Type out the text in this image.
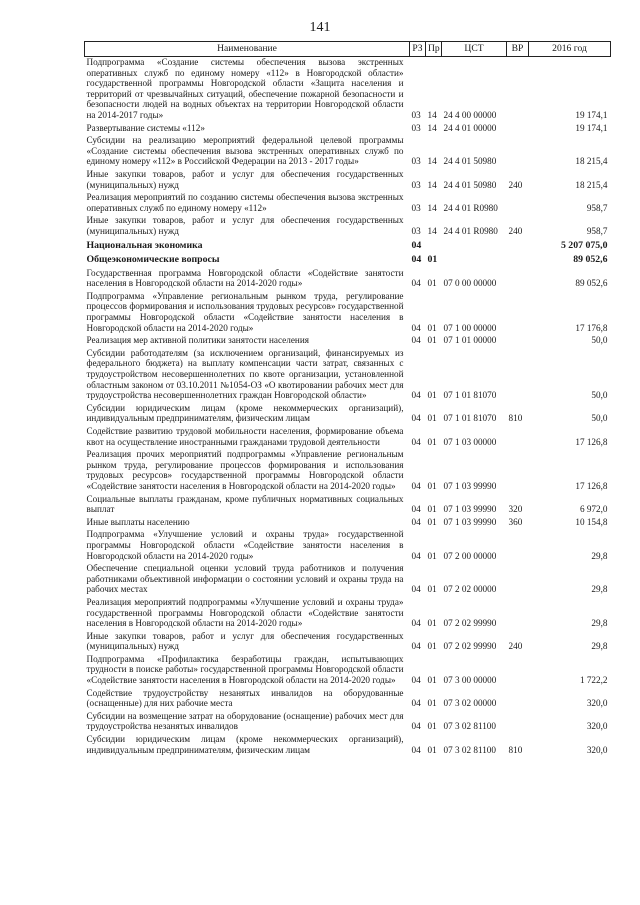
141
Наименование	РЗ	Пр	ЦСТ	ВР	2016 год
Подпрограмма «Создание системы обеспечения вызова экстренных оперативных служб по единому номеру «112» в Новгородской области» государственной программы Новгородской области «Защита населения и территорий от чрезвычайных ситуаций, обеспечение пожарной безопасности и безопасности людей на водных объектах на территории Новгородской области на 2014-2017 годы»	03	14	24 4 00 00000		19 174,1
Развертывание системы «112»	03	14	24 4 01 00000		19 174,1
Субсидии на реализацию мероприятий федеральной целевой программы «Создание системы обеспечения вызова экстренных оперативных служб по единому номеру «112» в Российской Федерации на 2013 - 2017 годы»	03	14	24 4 01 50980		18 215,4
Иные закупки товаров, работ и услуг для обеспечения государственных (муниципальных) нужд	03	14	24 4 01 50980	240	18 215,4
Реализация мероприятий по созданию системы обеспечения вызова экстренных оперативных служб по единому номеру «112»	03	14	24 4 01 R0980		958,7
Иные закупки товаров, работ и услуг для обеспечения государственных (муниципальных) нужд	03	14	24 4 01 R0980	240	958,7
Национальная экономика	04				5 207 075,0
Общеэкономические вопросы	04	01			89 052,6
Государственная программа Новгородской области «Содействие занятости населения в Новгородской области на 2014-2020 годы»	04	01	07 0 00 00000		89 052,6
Подпрограмма «Управление региональным рынком труда, регулирование процессов формирования и использования трудовых ресурсов» государственной программы Новгородской области «Содействие занятости населения в Новгородской области на 2014-2020 годы»	04	01	07 1 00 00000		17 176,8
Реализация мер активной политики занятости населения	04	01	07 1 01 00000		50,0
Субсидии работодателям (за исключением организаций, финансируемых из федерального бюджета) на выплату компенсации части затрат, связанных с трудоустройством несовершеннолетних по квоте организации, установленной областным законом от 03.10.2011 №1054-ОЗ «О квотировании рабочих мест для трудоустройства несовершеннолетних граждан Новгородской области»	04	01	07 1 01 81070		50,0
Субсидии юридическим лицам (кроме некоммерческих организаций), индивидуальным предпринимателям, физическим лицам	04	01	07 1 01 81070	810	50,0
Содействие развитию трудовой мобильности населения, формирование объема квот на осуществление иностранными гражданами трудовой деятельности	04	01	07 1 03 00000		17 126,8
Реализация прочих мероприятий подпрограммы «Управление региональным рынком труда, регулирование процессов формирования и использования трудовых ресурсов» государственной программы Новгородской области «Содействие занятости населения в Новгородской области на 2014-2020 годы»	04	01	07 1 03 99990		17 126,8
Социальные выплаты гражданам, кроме публичных нормативных социальных выплат	04	01	07 1 03 99990	320	6 972,0
Иные выплаты населению	04	01	07 1 03 99990	360	10 154,8
Подпрограмма «Улучшение условий и охраны труда» государственной программы Новгородской области «Содействие занятости населения в Новгородской области на 2014-2020 годы»	04	01	07 2 00 00000		29,8
Обеспечение специальной оценки условий труда работников и получения работниками объективной информации о состоянии условий и охраны труда на рабочих местах	04	01	07 2 02 00000		29,8
Реализация мероприятий подпрограммы «Улучшение условий и охраны труда» государственной программы Новгородской области «Содействие занятости населения в Новгородской области на 2014-2020 годы»	04	01	07 2 02 99990		29,8
Иные закупки товаров, работ и услуг для обеспечения государственных (муниципальных) нужд	04	01	07 2 02 99990	240	29,8
Подпрограмма «Профилактика безработицы граждан, испытывающих трудности в поиске работы» государственной программы Новгородской области «Содействие занятости населения в Новгородской области на 2014-2020 годы»	04	01	07 3 00 00000		1 722,2
Содействие трудоустройству незанятых инвалидов на оборудованные (оснащенные) для них рабочие места	04	01	07 3 02 00000		320,0
Субсидии на возмещение затрат на оборудование (оснащение) рабочих мест для трудоустройства незанятых инвалидов	04	01	07 3 02 81100		320,0
Субсидии юридическим лицам (кроме некоммерческих организаций), индивидуальным предпринимателям, физическим лицам	04	01	07 3 02 81100	810	320,0
